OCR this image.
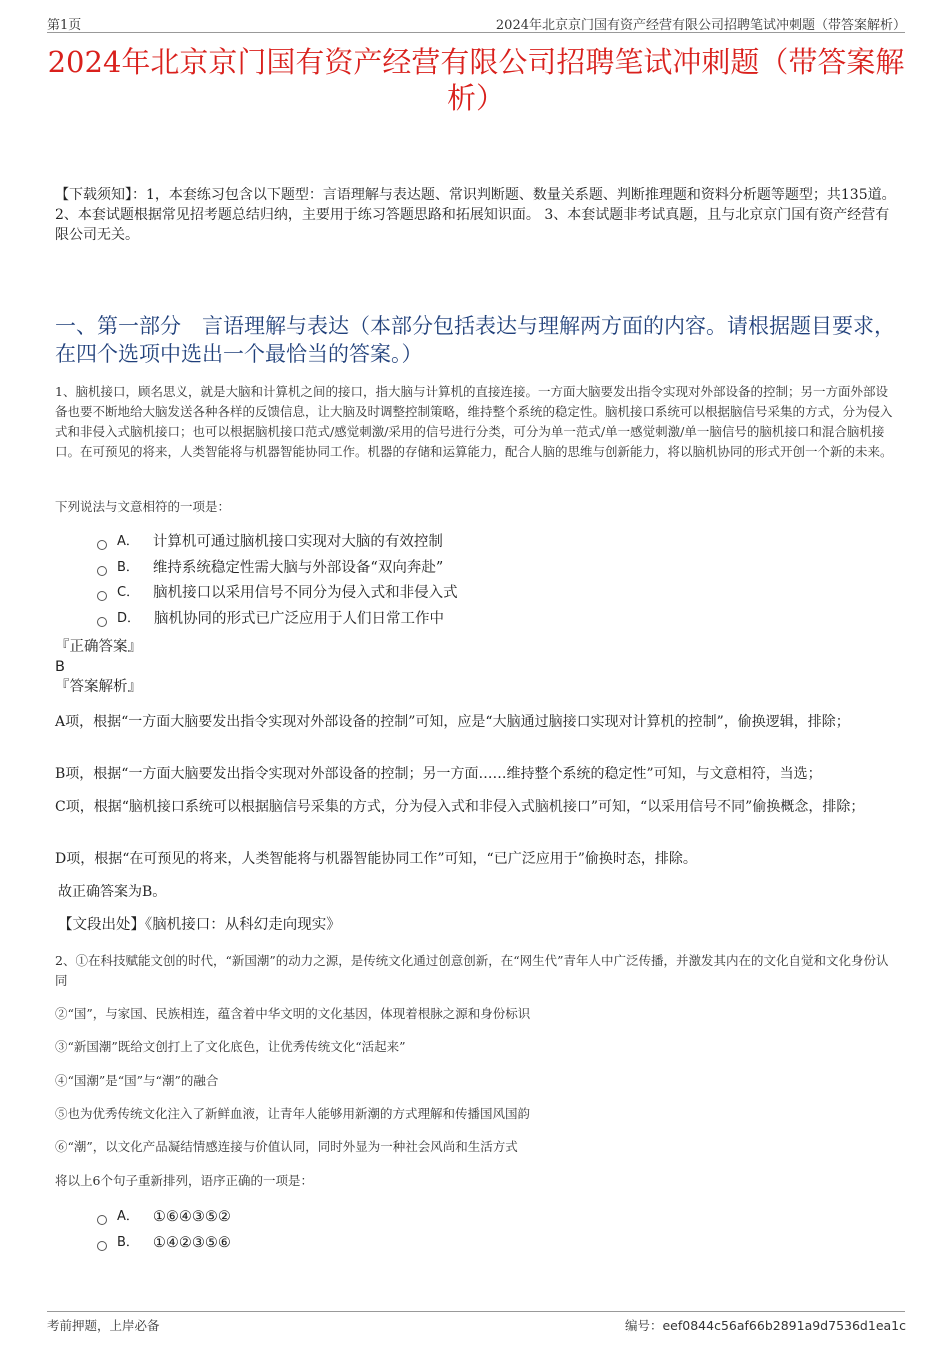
第1页	2024年北京京门国有资产经营有限公司招聘笔试冲刺题（带答案解析）
2024年北京京门国有资产经营有限公司招聘笔试冲刺题（带答案解析）
【下载须知】：1，本套练习包含以下题型：言语理解与表达题、常识判断题、数量关系题、判断推理题和资料分析题等题型；共135道。 2、本套试题根据常见招考题总结归纳，主要用于练习答题思路和拓展知识面。 3、本套试题非考试真题，且与北京京门国有资产经营有限公司无关。
一、第一部分　言语理解与表达（本部分包括表达与理解两方面的内容。请根据题目要求，在四个选项中选出一个最恰当的答案。）
1、脑机接口，顾名思义，就是大脑和计算机之间的接口，指大脑与计算机的直接连接。一方面大脑要发出指令实现对外部设备的控制；另一方面外部设备也要不断地给大脑发送各种各样的反馈信息，让大脑及时调整控制策略，维持整个系统的稳定性。脑机接口系统可以根据脑信号采集的方式，分为侵入式和非侵入式脑机接口；也可以根据脑机接口范式/感觉刺激/采用的信号进行分类，可分为单一范式/单一感觉刺激/单一脑信号的脑机接口和混合脑机接口。在可预见的将来，人类智能将与机器智能协同工作。机器的存储和运算能力，配合人脑的思维与创新能力，将以脑机协同的形式开创一个新的未来。
下列说法与文意相符的一项是：
A． 计算机可通过脑机接口实现对大脑的有效控制
B． 维持系统稳定性需大脑与外部设备“双向奔赴”
C． 脑机接口以采用信号不同分为侵入式和非侵入式
D． 脑机协同的形式已广泛应用于人们日常工作中
『正确答案』
B
『答案解析』
A项，根据“一方面大脑要发出指令实现对外部设备的控制”可知，应是“大脑通过脑接口实现对计算机的控制”，偷换逻辑，排除；
B项，根据“一方面大脑要发出指令实现对外部设备的控制；另一方面……维持整个系统的稳定性”可知，与文意相符，当选；
C项，根据“脑机接口系统可以根据脑信号采集的方式，分为侵入式和非侵入式脑机接口”可知，“以采用信号不同”偷换概念，排除；
D项，根据“在可预见的将来，人类智能将与机器智能协同工作”可知，“已广泛应用于”偷换时态，排除。
故正确答案为B。
【文段出处】《脑机接口：从科幻走向现实》
2、①在科技赋能文创的时代，“新国潮”的动力之源，是传统文化通过创意创新，在“网生代”青年人中广泛传播，并激发其内在的文化自觉和文化身份认同
②“国”，与家国、民族相连，蕴含着中华文明的文化基因，体现着根脉之源和身份标识
③“新国潮”既给文创打上了文化底色，让优秀传统文化“活起来”
④“国潮”是“国”与“潮”的融合
⑤也为优秀传统文化注入了新鲜血液，让青年人能够用新潮的方式理解和传播国风国韵
⑥“潮”，以文化产品凝结情感连接与价值认同，同时外显为一种社会风尚和生活方式
将以上6个句子重新排列，语序正确的一项是：
A． ①⑥④③⑤②
B． ①④②③⑤⑥
考前押题，上岸必备	编号：eef0844c56af66b2891a9d7536d1ea1c
